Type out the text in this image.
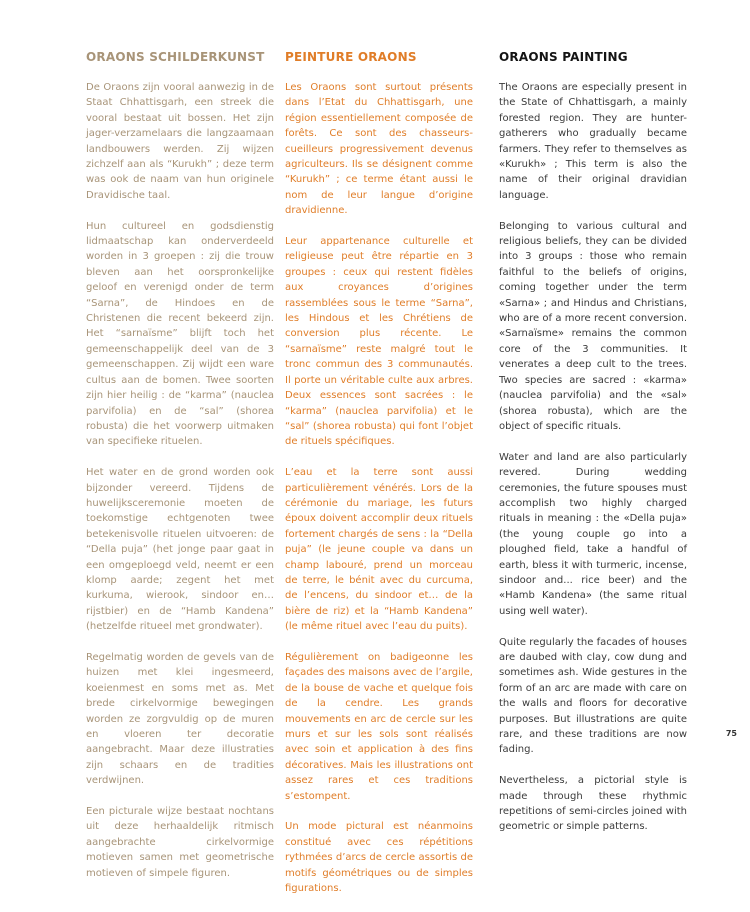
ORAONS SCHILDERKUNST

De Oraons zijn vooral aanwezig in de Staat Chhattisgarh, een streek die vooral bestaat uit bossen. Het zijn jager-verzamelaars die langzaamaan landbouwers werden. Zij wijzen zichzelf aan als “Kurukh” ; deze term was ook de naam van hun originele Dravidische taal.

Hun cultureel en godsdienstig lidmaatschap kan onderverdeeld worden in 3 groepen : zij die trouw bleven aan het oorspronkelijke geloof en verenigd onder de term “Sarna”, de Hindoes en de Christenen die recent bekeerd zijn. Het “sarnaïsme” blijft toch het gemeenschappelijk deel van de 3 gemeenschappen. Zij wijdt een ware cultus aan de bomen. Twee soorten zijn hier heilig : de “karma” (nauclea parvifolia) en de “sal” (shorea robusta) die het voorwerp uitmaken van specifieke rituelen.

Het water en de grond worden ook bijzonder vereerd. Tijdens de huwelijksceremonie moeten de toekomstige echtgenoten twee betekenisvolle rituelen uitvoeren: de “Della puja” (het jonge paar gaat in een omgeploegd veld, neemt er een klomp aarde; zegent het met kurkuma, wierook, sindoor en… rijstbier) en de “Hamb Kandena” (hetzelfde ritueel met grondwater).

Regelmatig worden de gevels van de huizen met klei ingesmeerd, koeienmest en soms met as. Met brede cirkelvormige bewegingen worden ze zorgvuldig op de muren en vloeren ter decoratie aangebracht. Maar deze illustraties zijn schaars en de tradities verdwijnen.

Een picturale wijze bestaat nochtans uit deze herhaaldelijk ritmisch aangebrachte cirkelvormige motieven samen met geometrische motieven of simpele figuren.

PEINTURE ORAONS

Les Oraons sont surtout présents dans l’Etat du Chhattisgarh, une région essentiellement composée de forêts. Ce sont des chasseurs-cueilleurs progressivement devenus agriculteurs. Ils se désignent comme “Kurukh” ; ce terme étant aussi le nom de leur langue d’origine dravidienne.

Leur appartenance culturelle et religieuse peut être répartie en 3 groupes : ceux qui restent fidèles aux croyances d’origines rassemblées sous le terme “Sarna”, les Hindous et les Chrétiens de conversion plus récente. Le “sarnaïsme” reste malgré tout le tronc commun des 3 communautés. Il porte un véritable culte aux arbres. Deux essences sont sacrées : le “karma” (nauclea parvifolia) et le “sal” (shorea robusta) qui font l’objet de rituels spécifiques.

L’eau et la terre sont aussi particulièrement vénérés. Lors de la cérémonie du mariage, les futurs époux doivent accomplir deux rituels fortement chargés de sens : la “Della puja” (le jeune couple va dans un champ labouré, prend un morceau de terre, le bénit avec du curcuma, de l’encens, du sindoor et… de la bière de riz) et la “Hamb Kandena” (le même rituel avec l’eau du puits).

Régulièrement on badigeonne les façades des maisons avec de l’argile, de la bouse de vache et quelque fois de la cendre. Les grands mouvements en arc de cercle sur les murs et sur les sols sont réalisés avec soin et application à des fins décoratives. Mais les illustrations ont assez rares et ces traditions s’estompent.

Un mode pictural est néanmoins constitué avec ces répétitions rythmées d’arcs de cercle assortis de motifs géométriques ou de simples figurations.

ORAONS PAINTING

The Oraons are especially present in the State of Chhattisgarh, a mainly forested region. They are hunter-gatherers who gradually became farmers. They refer to themselves as «Kurukh» ; This term is also the name of their original dravidian language.

Belonging to various cultural and religious beliefs, they can be divided into 3 groups : those who remain faithful to the beliefs of origins, coming together under the term «Sarna» ; and Hindus and Christians, who are of a more recent conversion. «Sarnaïsme» remains the common core of the 3 communities. It venerates a deep cult to the trees. Two species are sacred : «karma» (nauclea parvifolia) and the «sal» (shorea robusta), which are the object of specific rituals.

Water and land are also particularly revered. During wedding ceremonies, the future spouses must accomplish two highly charged rituals in meaning : the «Della puja» (the young couple go into a ploughed field, take a handful of earth, bless it with turmeric, incense, sindoor and... rice beer) and the «Hamb Kandena» (the same ritual using well water).

Quite regularly the facades of houses are daubed with clay, cow dung and sometimes ash. Wide gestures in the form of an arc are made with care on the walls and floors for decorative purposes. But illustrations are quite rare, and these traditions are now fading.

Nevertheless, a pictorial style is made through these rhythmic repetitions of semi-circles joined with geometric or simple patterns.

75
